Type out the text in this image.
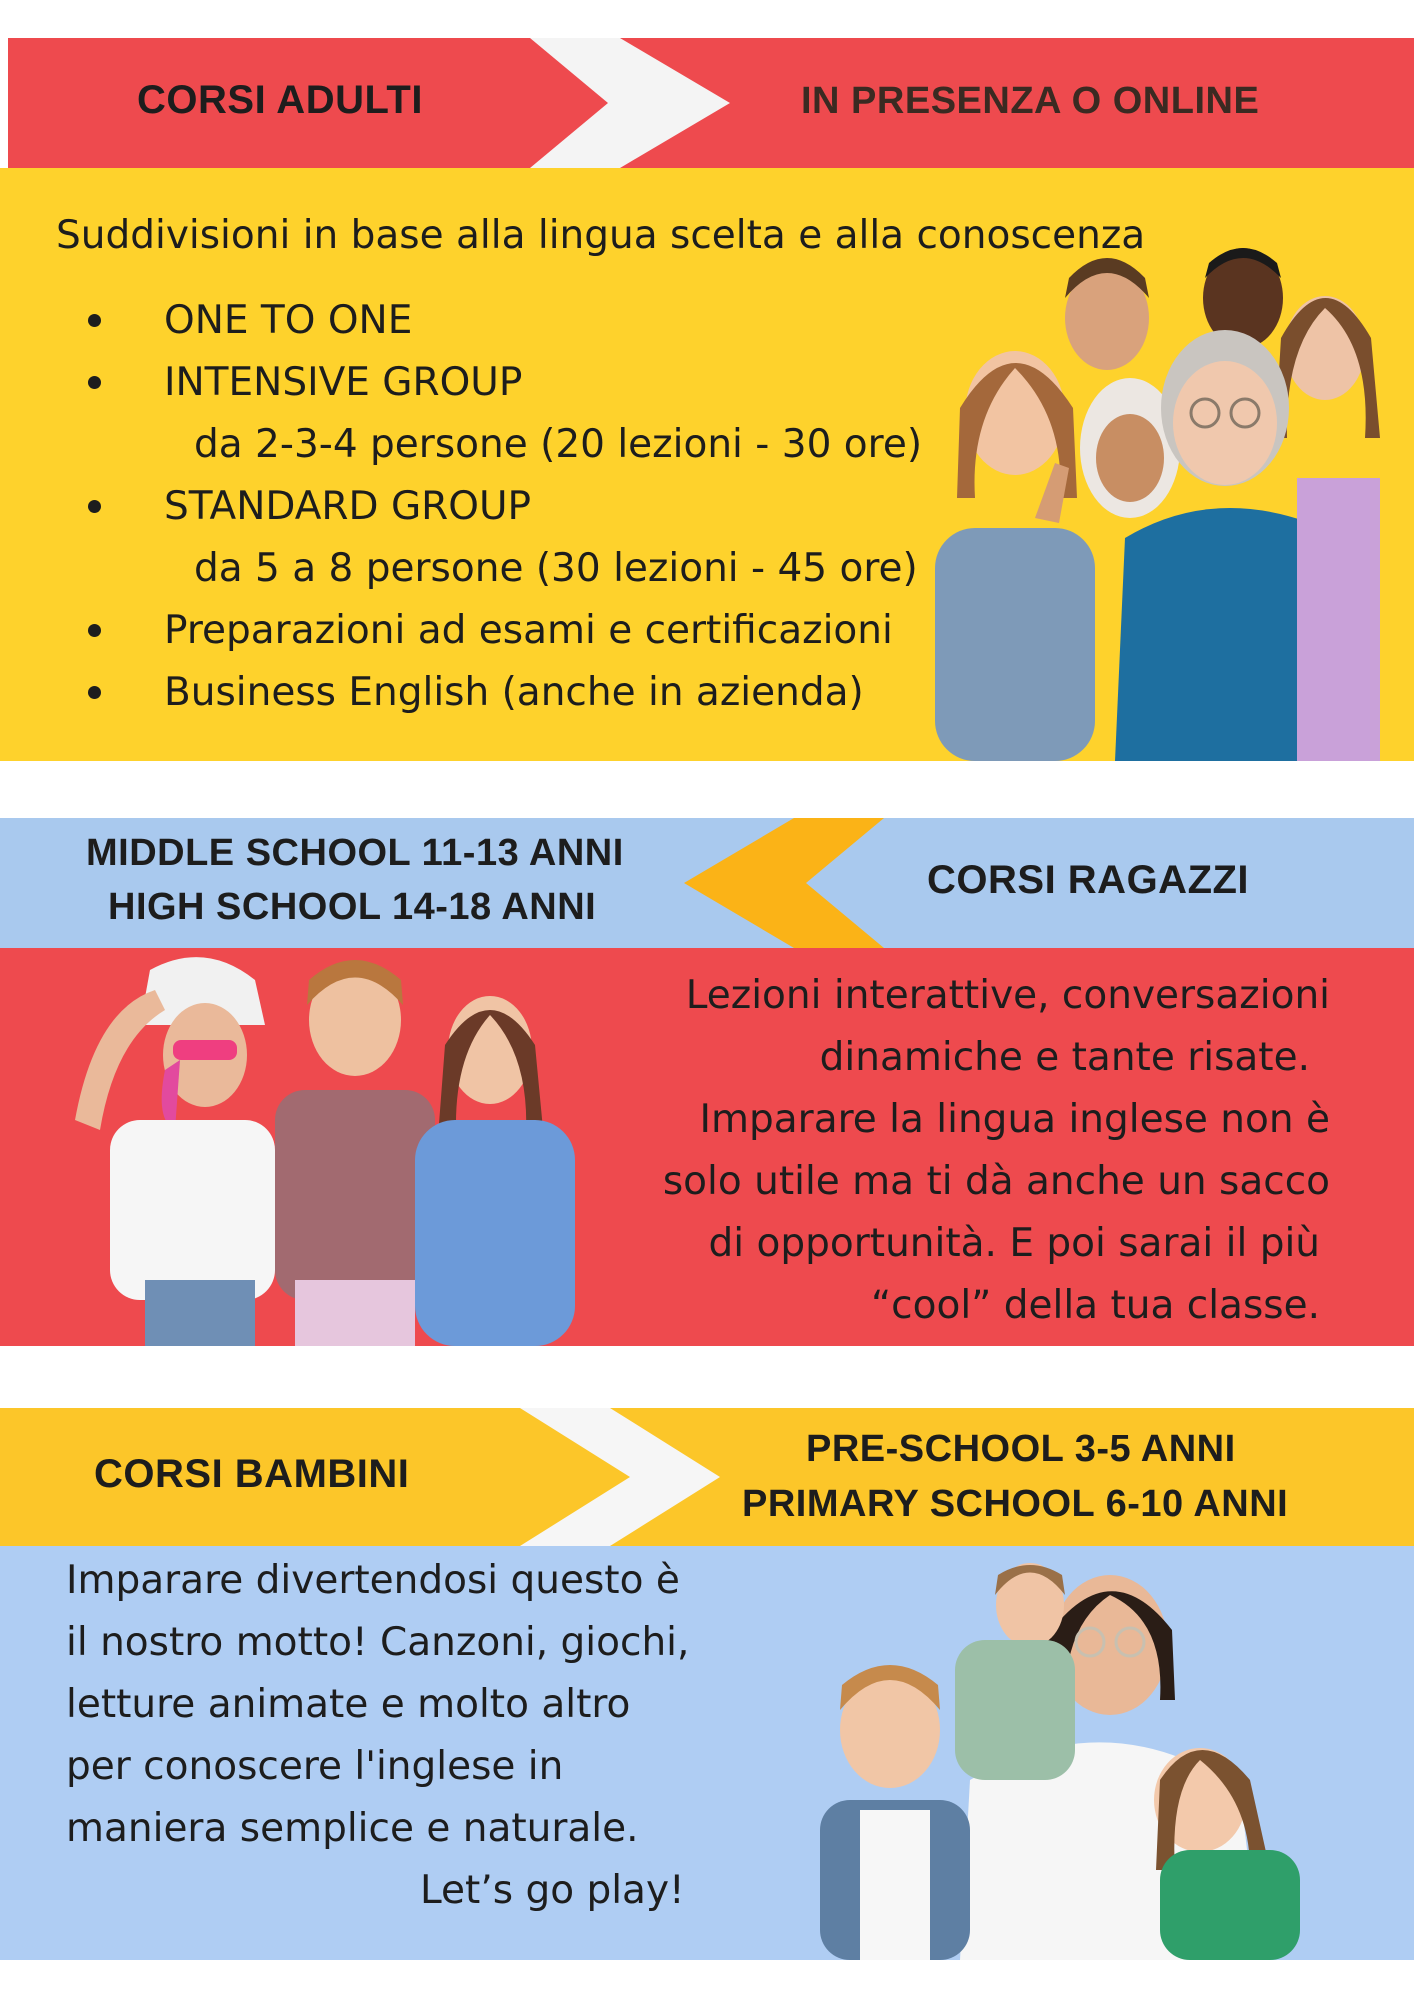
CORSI ADULTI	IN PRESENZA O ONLINE
Suddivisioni in base alla lingua scelta e alla conoscenza
ONE TO ONE
INTENSIVE GROUP
da 2-3-4 persone (20 lezioni - 30 ore)
STANDARD GROUP
da 5 a 8 persone (30 lezioni - 45 ore)
Preparazioni ad esami e certificazioni
Business English (anche in azienda)
MIDDLE SCHOOL 11-13 ANNI
HIGH SCHOOL 14-18 ANNI
CORSI RAGAZZI
Lezioni interattive, conversazioni
dinamiche e tante risate.
Imparare la lingua inglese non è
solo utile ma ti dà anche un sacco
di opportunità. E poi sarai il più
“cool” della tua classe.
CORSI BAMBINI
PRE-SCHOOL 3-5 ANNI
PRIMARY SCHOOL 6-10 ANNI
Imparare divertendosi questo è
il nostro motto! Canzoni, giochi,
letture animate e molto altro
per conoscere l'inglese in
maniera semplice e naturale.
Let’s go play!
